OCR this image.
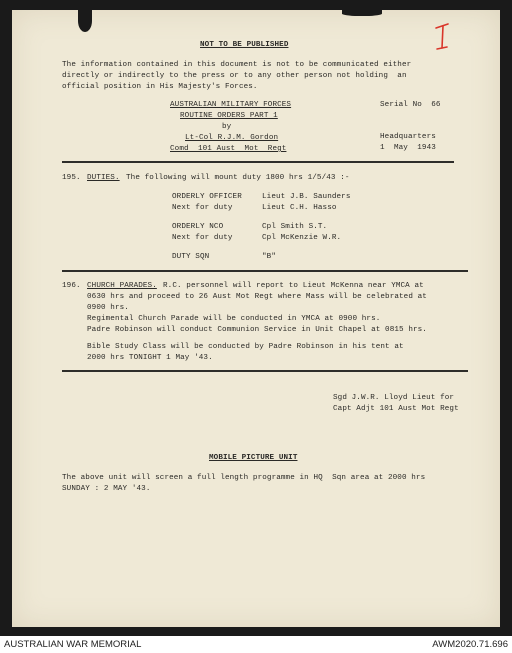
NOT TO BE PUBLISHED
The information contained in this document is not to be communicated either
directly or indirectly to the press or to any other person not holding  an
official position in His Majesty's Forces.
AUSTRALIAN MILITARY FORCES
ROUTINE ORDERS PART 1
by
Lt-Col R.J.M. Gordon
Comd  101 Aust  Mot  Regt
Serial No  66
Headquarters
1  May  1943
195. DUTIES. The following will mount duty 1800 hrs 1/5/43 :-
ORDERLY OFFICER	Lieut J.B. Saunders
Next for duty	Lieut C.H. Hasso
ORDERLY NCO	Cpl Smith S.T.
Next for duty	Cpl McKenzie W.R.
DUTY SQN	"B"
196. CHURCH PARADES. R.C. personnel will report to Lieut McKenna near YMCA at
0630 hrs and proceed to 26 Aust Mot Regt where Mass will be celebrated at
0900 hrs.
Regimental Church Parade will be conducted in YMCA at 0900 hrs.
Padre Robinson will conduct Communion Service in Unit Chapel at 0815 hrs.
Bible Study Class will be conducted by Padre Robinson in his tent at
2000 hrs TONIGHT 1 May '43.
Sgd J.W.R. Lloyd Lieut for
Capt Adjt 101 Aust Mot Regt
MOBILE PICTURE UNIT
The above unit will screen a full length programme in HQ  Sqn area at 2000 hrs
SUNDAY : 2 MAY '43.
AUSTRALIAN WAR MEMORIAL	AWM2020.71.696
